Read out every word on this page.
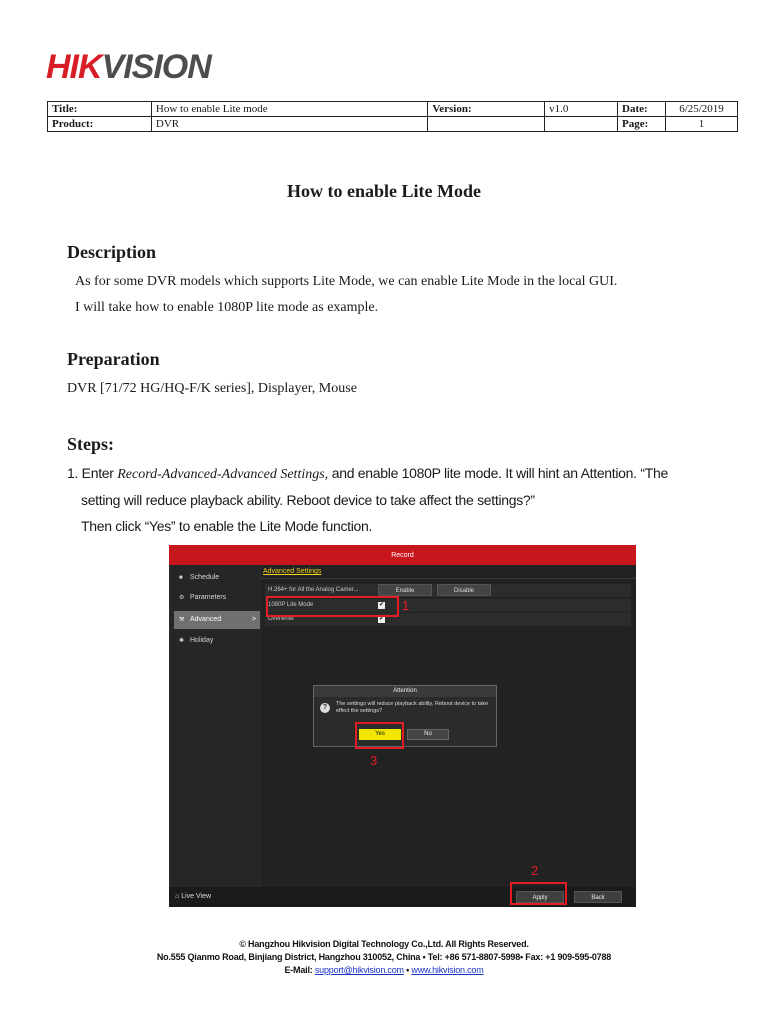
HIKVISION
Title:	How to enable Lite mode	Version:	v1.0	Date:	6/25/2019
Product:	DVR			Page:	1
How to enable Lite Mode
Description

As for some DVR models which supports Lite Mode, we can enable Lite Mode in the local GUI.

I will take how to enable 1080P lite mode as example.

Preparation

DVR [71/72 HG/HQ-F/K series], Displayer, Mouse

Steps:

1. Enter Record-Advanced-Advanced Settings, and enable 1080P lite mode. It will hint an Attention. “The

setting will reduce playback ability. Reboot device to take affect the settings?”

Then click “Yes” to enable the Lite Mode function.

Record
■ Schedule
⚙ Parameters
⚒ Advanced	>
✱ Holiday
Advanced Settings
H.264+ for All the Analog Camer...	Enable	Disable
1080P Lite Mode	✔
Overwrite	✔
Attention
?	The settings will reduce playback ability. Reboot device to take effect the settings?
Yes	No
⌂ Live View	Apply	Back
1
3
2
© Hangzhou Hikvision Digital Technology Co.,Ltd. All Rights Reserved.
No.555 Qianmo Road, Binjiang District, Hangzhou 310052, China • Tel: +86 571-8807-5998• Fax: +1 909-595-0788
E-Mail: support@hikvision.com • www.hikvision.com
